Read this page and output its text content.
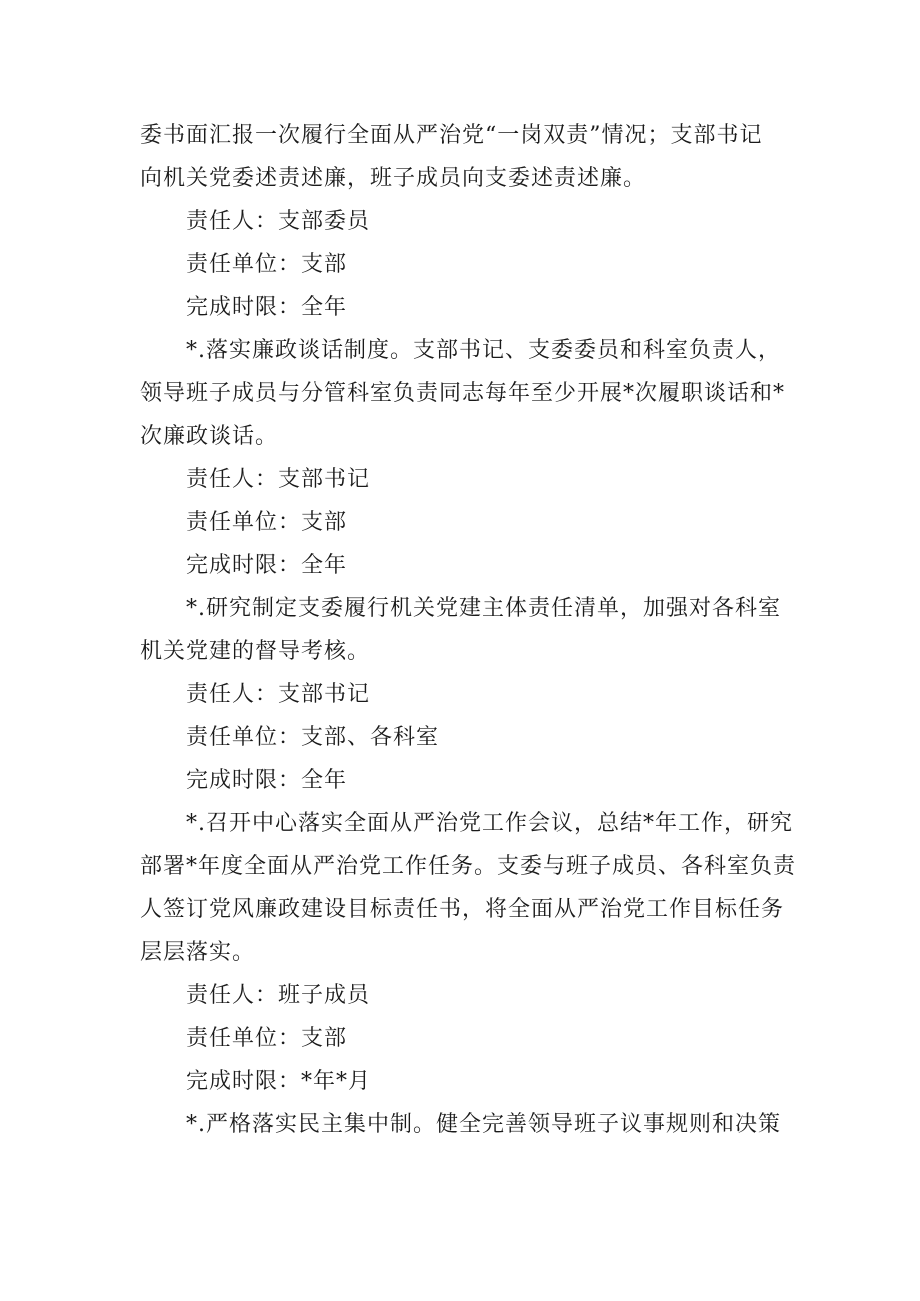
委书面汇报一次履行全面从严治党“一岗双责”情况；支部书记
向机关党委述责述廉，班子成员向支委述责述廉。
责任人：支部委员
责任单位：支部
完成时限：全年
*.落实廉政谈话制度。支部书记、支委委员和科室负责人，
领导班子成员与分管科室负责同志每年至少开展*次履职谈话和*
次廉政谈话。
责任人：支部书记
责任单位：支部
完成时限：全年
*.研究制定支委履行机关党建主体责任清单，加强对各科室
机关党建的督导考核。
责任人：支部书记
责任单位：支部、各科室
完成时限：全年
*.召开中心落实全面从严治党工作会议，总结*年工作，研究
部署*年度全面从严治党工作任务。支委与班子成员、各科室负责
人签订党风廉政建设目标责任书，将全面从严治党工作目标任务
层层落实。
责任人：班子成员
责任单位：支部
完成时限：*年*月
*.严格落实民主集中制。健全完善领导班子议事规则和决策
